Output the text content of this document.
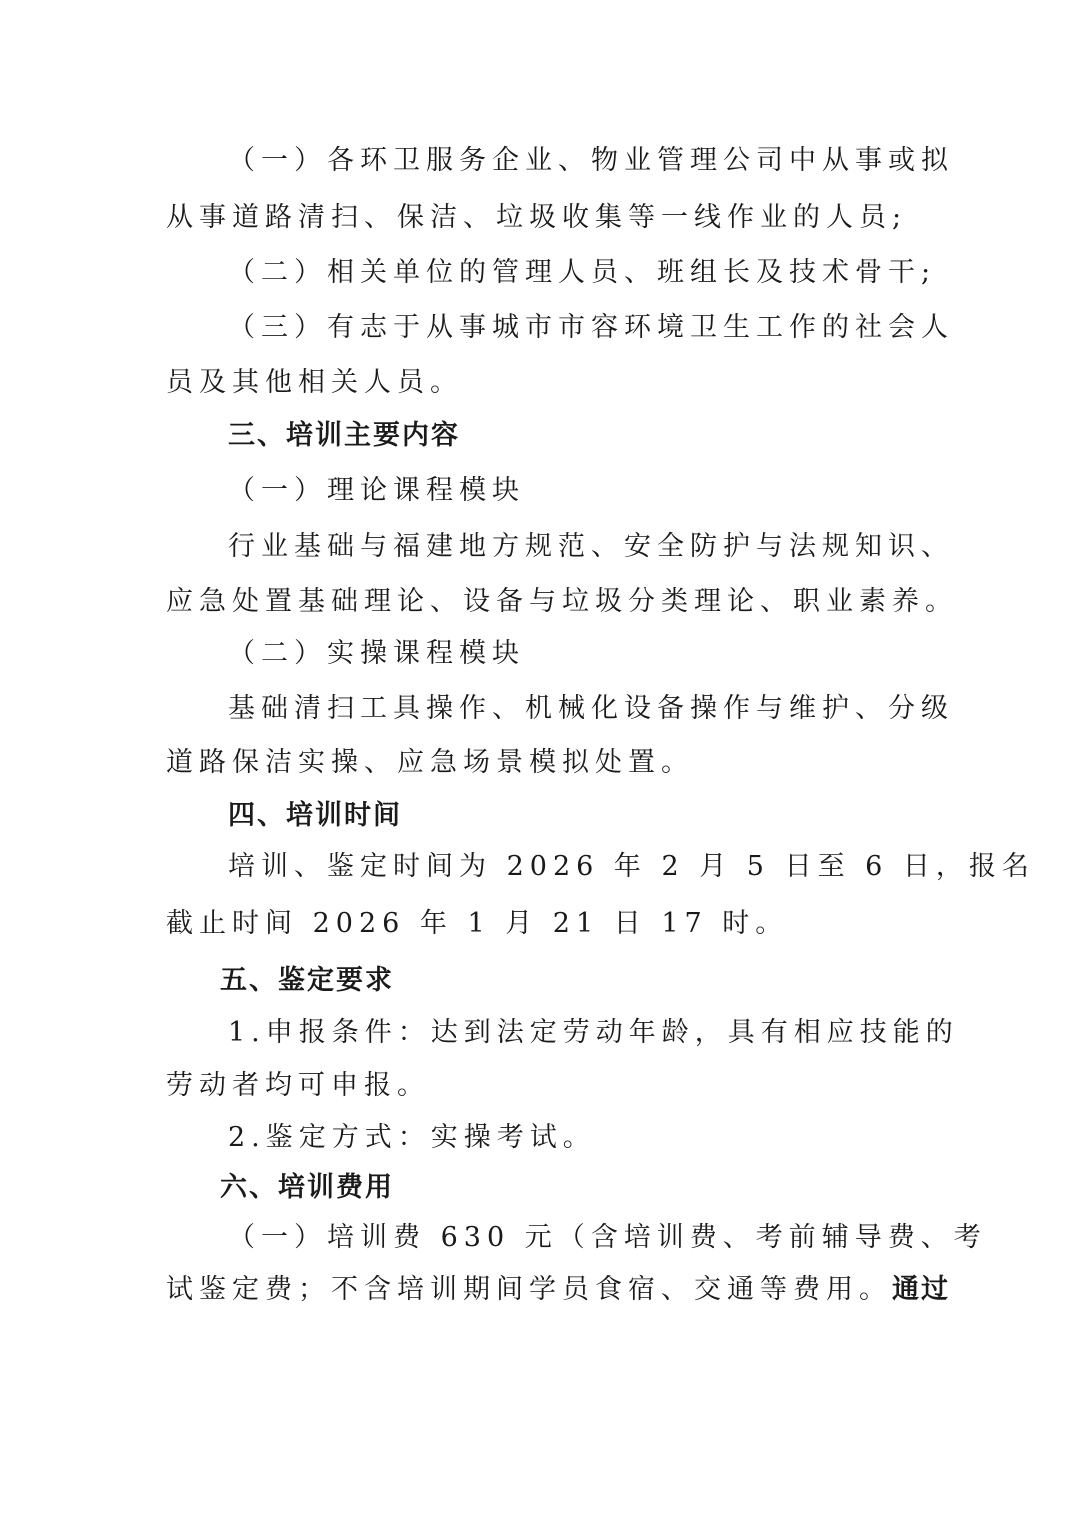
（一）各环卫服务企业、物业管理公司中从事或拟
从事道路清扫、保洁、垃圾收集等一线作业的人员;
（二）相关单位的管理人员、班组长及技术骨干;
（三）有志于从事城市市容环境卫生工作的社会人
员及其他相关人员。
三、培训主要内容
（一）理论课程模块
行业基础与福建地方规范、安全防护与法规知识、
应急处置基础理论、设备与垃圾分类理论、职业素养。
（二）实操课程模块
基础清扫工具操作、机械化设备操作与维护、分级
道路保洁实操、应急场景模拟处置。
四、培训时间
培训、鉴定时间为 2026 年 2 月 5 日至 6 日，报名
截止时间 2026 年 1 月 21 日 17 时。
五、鉴定要求
1.申报条件：达到法定劳动年龄，具有相应技能的
劳动者均可申报。
2.鉴定方式：实操考试。
六、培训费用
（一）培训费 630 元（含培训费、考前辅导费、考
试鉴定费；不含培训期间学员食宿、交通等费用。通过
